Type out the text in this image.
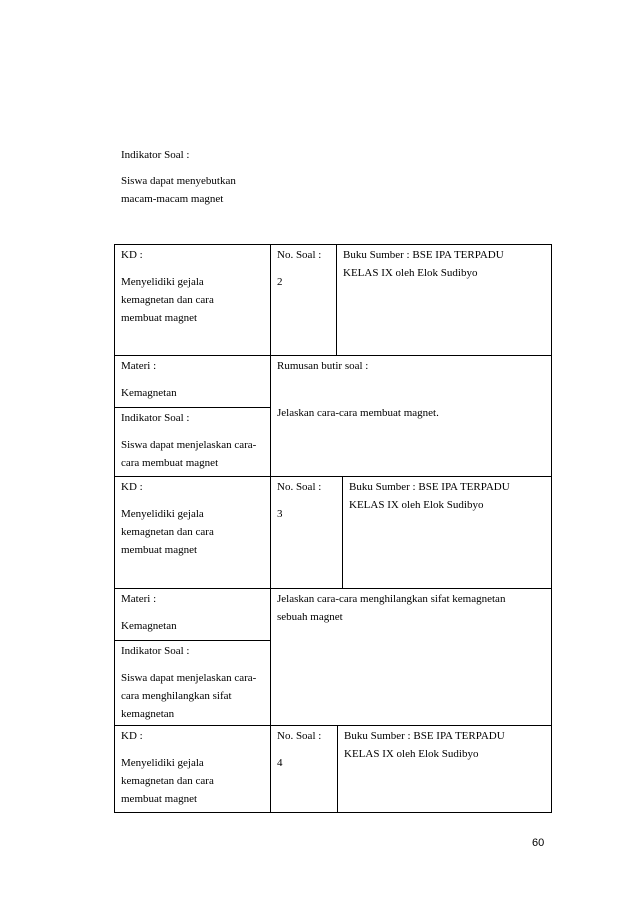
Indikator Soal :
Siswa dapat menyebutkan
macam-macam magnet
KD :
Menyelidiki gejala
kemagnetan dan cara
membuat magnet
No. Soal :
2
Buku Sumber : BSE IPA TERPADU
KELAS IX oleh Elok Sudibyo
Materi :
Kemagnetan
Rumusan butir soal :
Jelaskan cara-cara membuat magnet.
Indikator Soal :
Siswa dapat menjelaskan cara-
cara membuat magnet
KD :
Menyelidiki gejala
kemagnetan dan cara
membuat magnet
No. Soal :
3
Buku Sumber : BSE IPA TERPADU
KELAS IX oleh Elok Sudibyo
Materi :
Kemagnetan
Jelaskan cara-cara menghilangkan sifat kemagnetan
sebuah magnet
Indikator Soal :
Siswa dapat menjelaskan cara-
cara menghilangkan sifat
kemagnetan
KD :
Menyelidiki gejala
kemagnetan dan cara
membuat magnet
No. Soal :
4
Buku Sumber : BSE IPA TERPADU
KELAS IX oleh Elok Sudibyo
60
